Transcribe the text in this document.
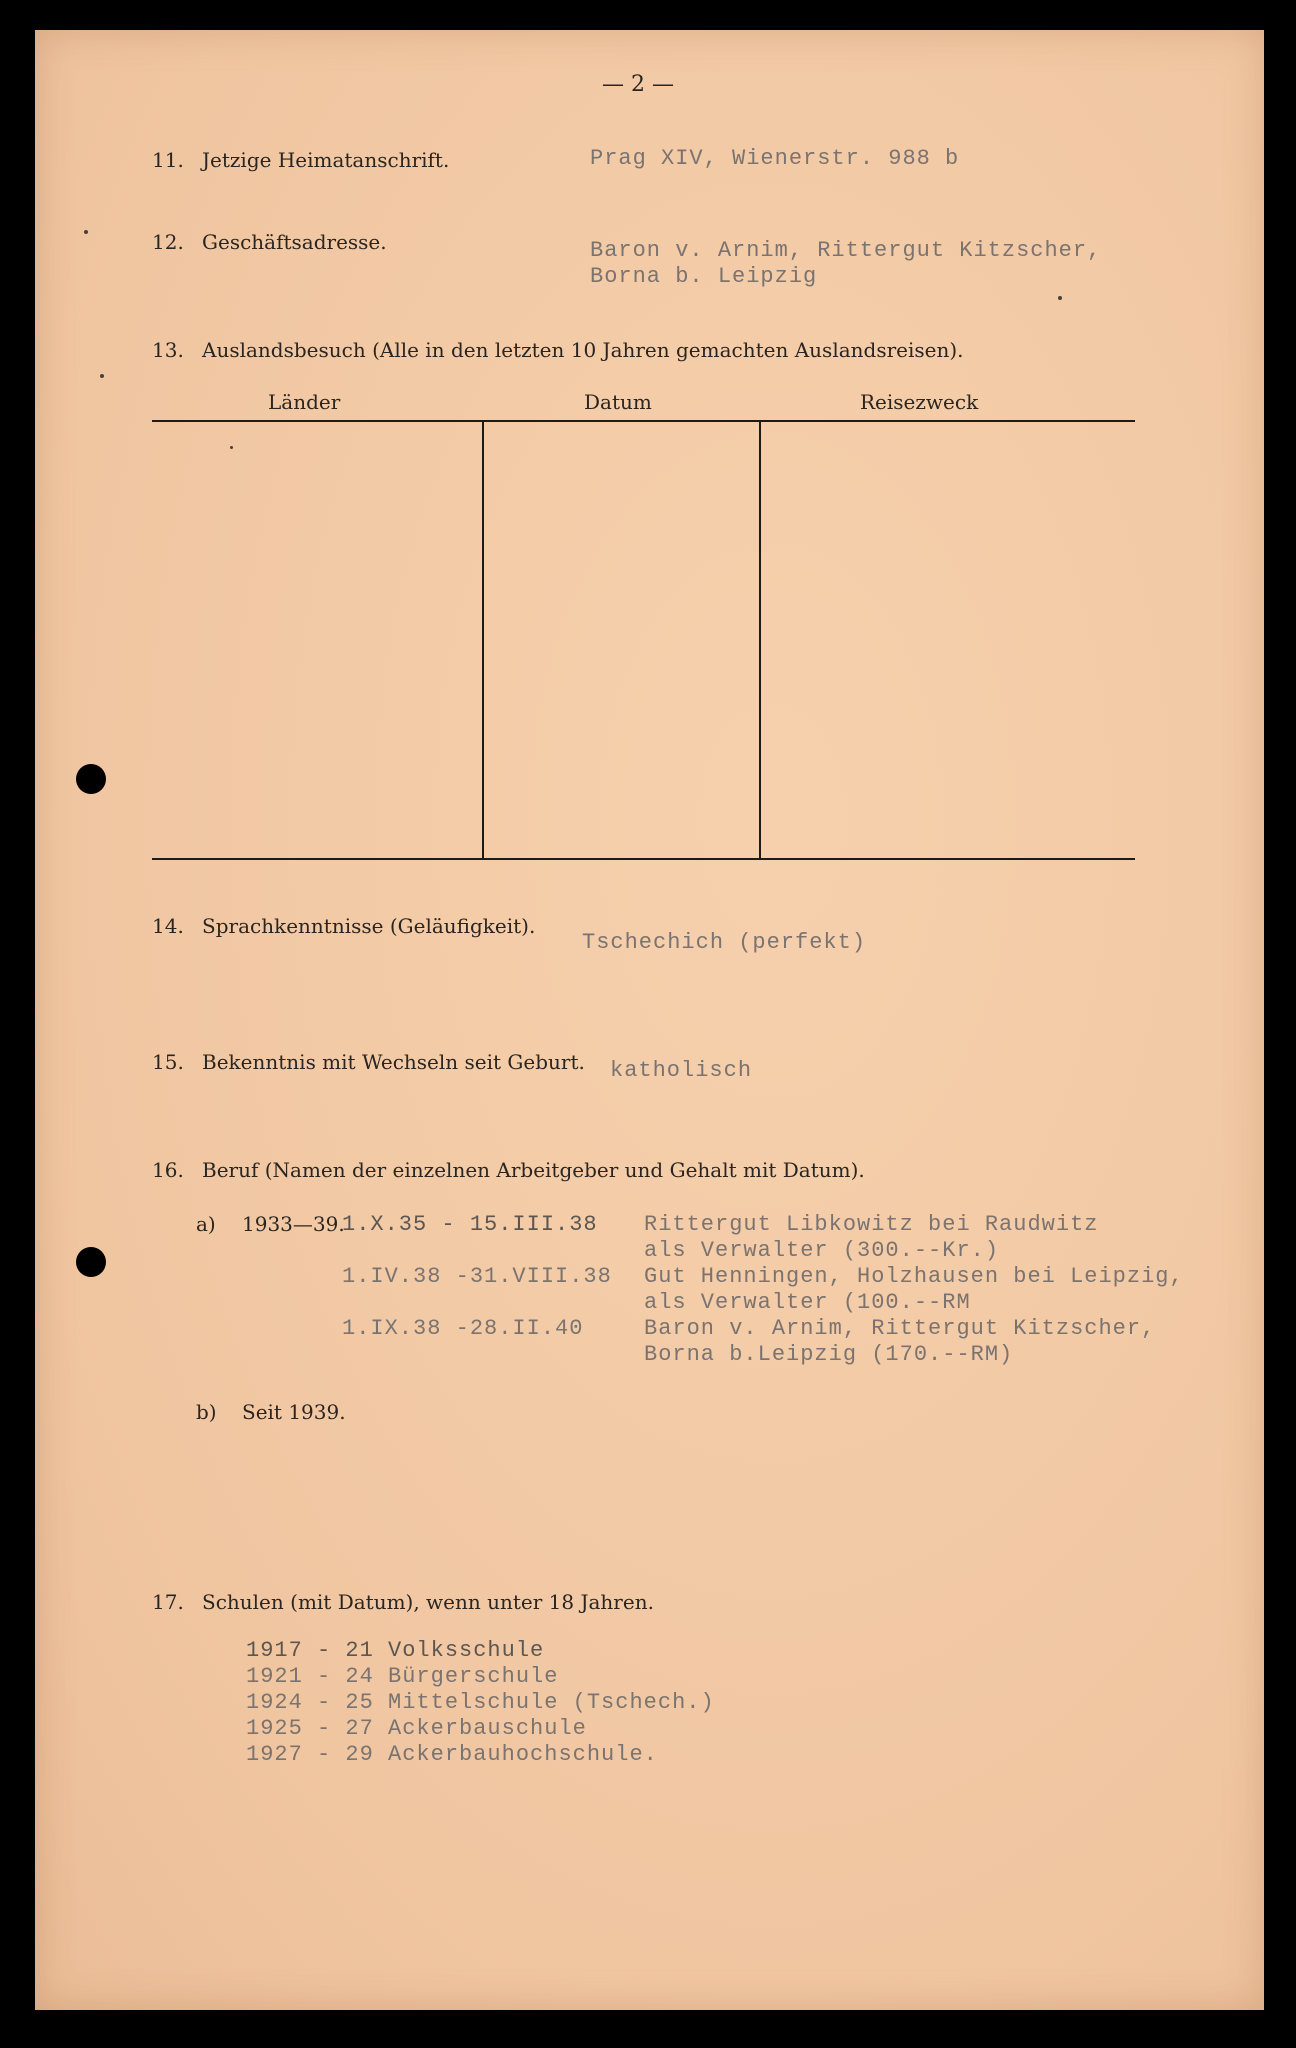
— 2 —
11. Jetzige Heimatanschrift.	Prag XIV, Wienerstr. 988 b
12. Geschäftsadresse.	Baron v. Arnim, Rittergut Kitzscher,
Borna b. Leipzig
13. Auslandsbesuch (Alle in den letzten 10 Jahren gemachten Auslandsreisen).
Länder	Datum	Reisezweck
14. Sprachkenntnisse (Geläufigkeit).
Tschechich (perfekt)
15. Bekenntnis mit Wechseln seit Geburt. katholisch
16. Beruf (Namen der einzelnen Arbeitgeber und Gehalt mit Datum).
a) 1933—39.
1.X.35 - 15.III.38 Rittergut Libkowitz bei Raudwitz
als Verwalter (300.--Kr.)
1.IV.38 -31.VIII.38 Gut Henningen, Holzhausen bei Leipzig,
als Verwalter (100.--RM
1.IX.38 -28.II.40	Baron v. Arnim, Rittergut Kitzscher,
Borna b.Leipzig (170.--RM)
b) Seit 1939.
17. Schulen (mit Datum), wenn unter 18 Jahren.
1917 - 21 Volksschule
1921 - 24 Bürgerschule
1924 - 25 Mittelschule (Tschech.)
1925 - 27 Ackerbauschule
1927 - 29 Ackerbauhochschule.
